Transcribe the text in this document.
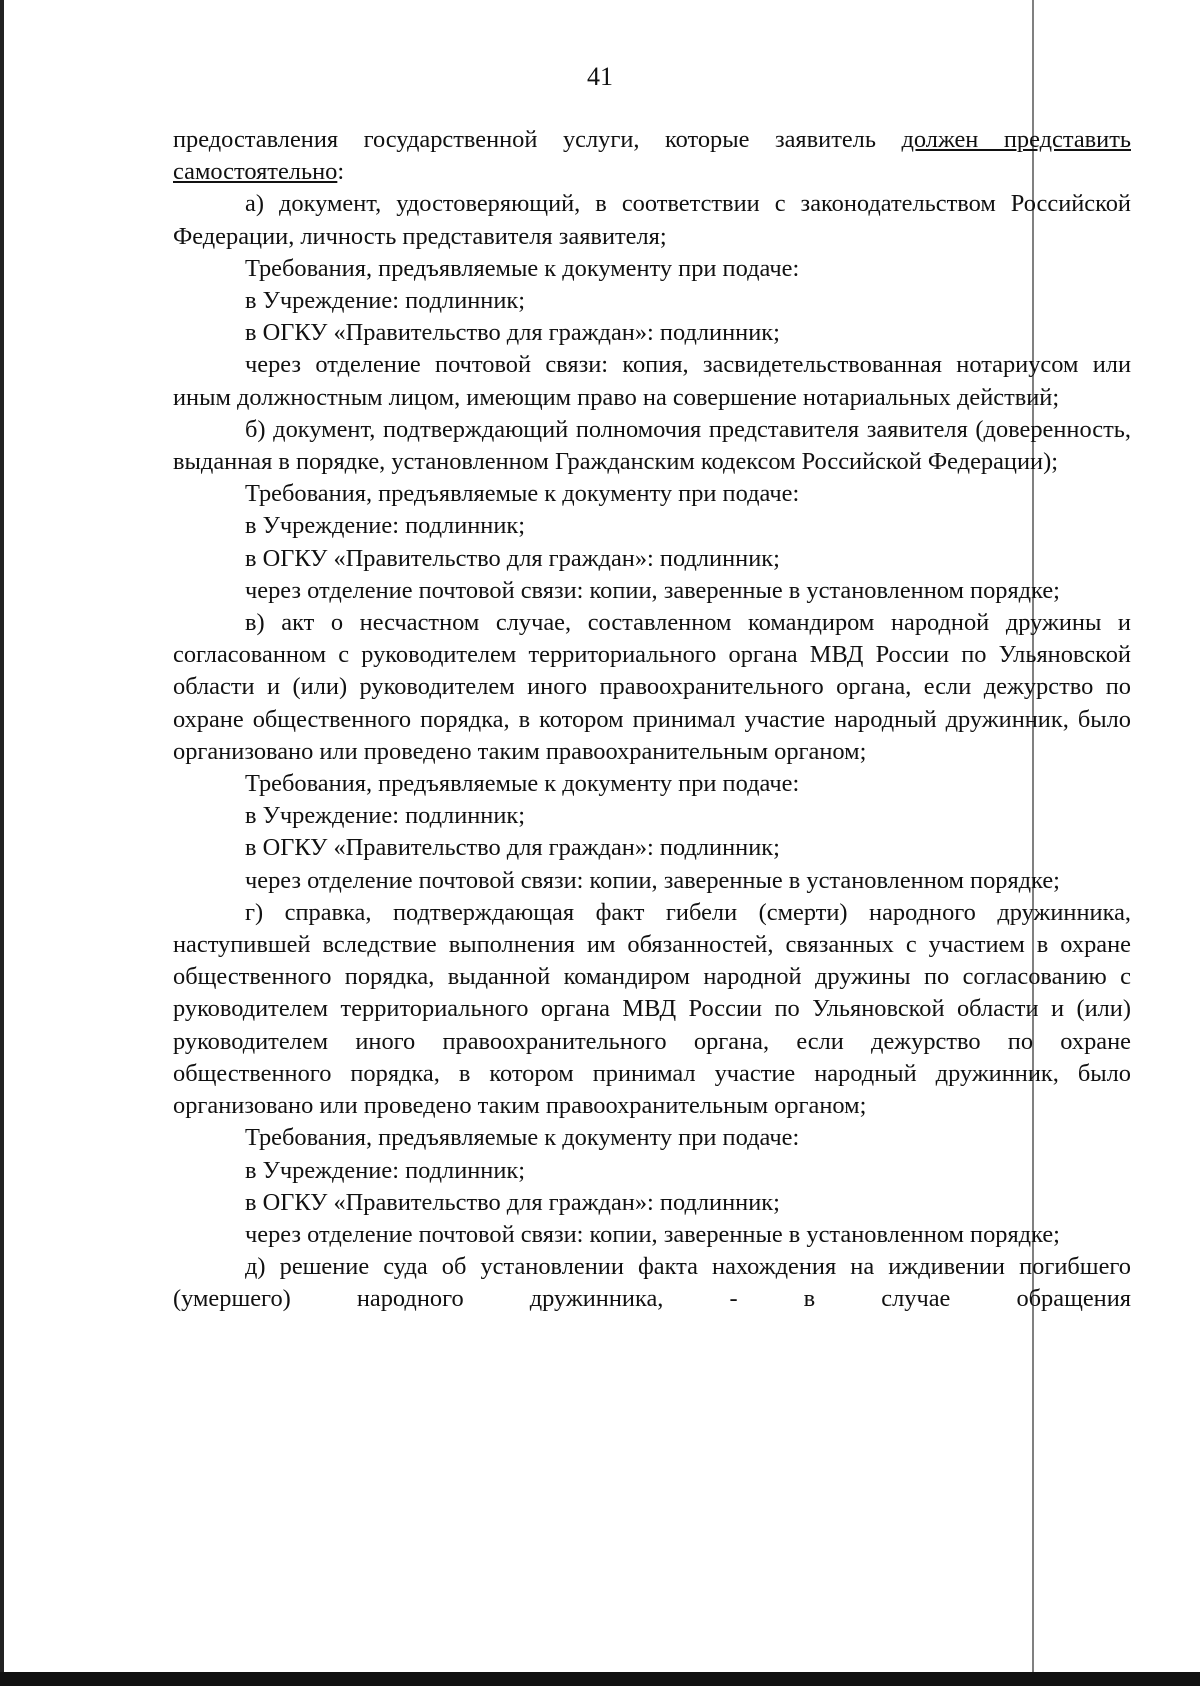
41

предоставления государственной услуги, которые заявитель должен представить самостоятельно:

а) документ, удостоверяющий, в соответствии с законодательством Российской Федерации, личность представителя заявителя;

Требования, предъявляемые к документу при подаче:

в Учреждение: подлинник;

в ОГКУ «Правительство для граждан»: подлинник;

через отделение почтовой связи: копия, засвидетельствованная нотариусом или иным должностным лицом, имеющим право на совершение нотариальных действий;

б) документ, подтверждающий полномочия представителя заявителя (доверенность, выданная в порядке, установленном Гражданским кодексом Российской Федерации);

Требования, предъявляемые к документу при подаче:

в Учреждение: подлинник;

в ОГКУ «Правительство для граждан»: подлинник;

через отделение почтовой связи: копии, заверенные в установленном порядке;

в) акт о несчастном случае, составленном командиром народной дружины и согласованном с руководителем территориального органа МВД России по Ульяновской области и (или) руководителем иного правоохранительного органа, если дежурство по охране общественного порядка, в котором принимал участие народный дружинник, было организовано или проведено таким правоохранительным органом;

Требования, предъявляемые к документу при подаче:

в Учреждение: подлинник;

в ОГКУ «Правительство для граждан»: подлинник;

через отделение почтовой связи: копии, заверенные в установленном порядке;

г) справка, подтверждающая факт гибели (смерти) народного дружинника, наступившей вследствие выполнения им обязанностей, связанных с участием в охране общественного порядка, выданной командиром народной дружины по согласованию с руководителем территориального органа МВД России по Ульяновской области и (или) руководителем иного правоохранительного органа, если дежурство по охране общественного порядка, в котором принимал участие народный дружинник, было организовано или проведено таким правоохранительным органом;

Требования, предъявляемые к документу при подаче:

в Учреждение: подлинник;

в ОГКУ «Правительство для граждан»: подлинник;

через отделение почтовой связи: копии, заверенные в установленном порядке;

д) решение суда об установлении факта нахождения на иждивении погибшего (умершего) народного дружинника, - в случае обращения
